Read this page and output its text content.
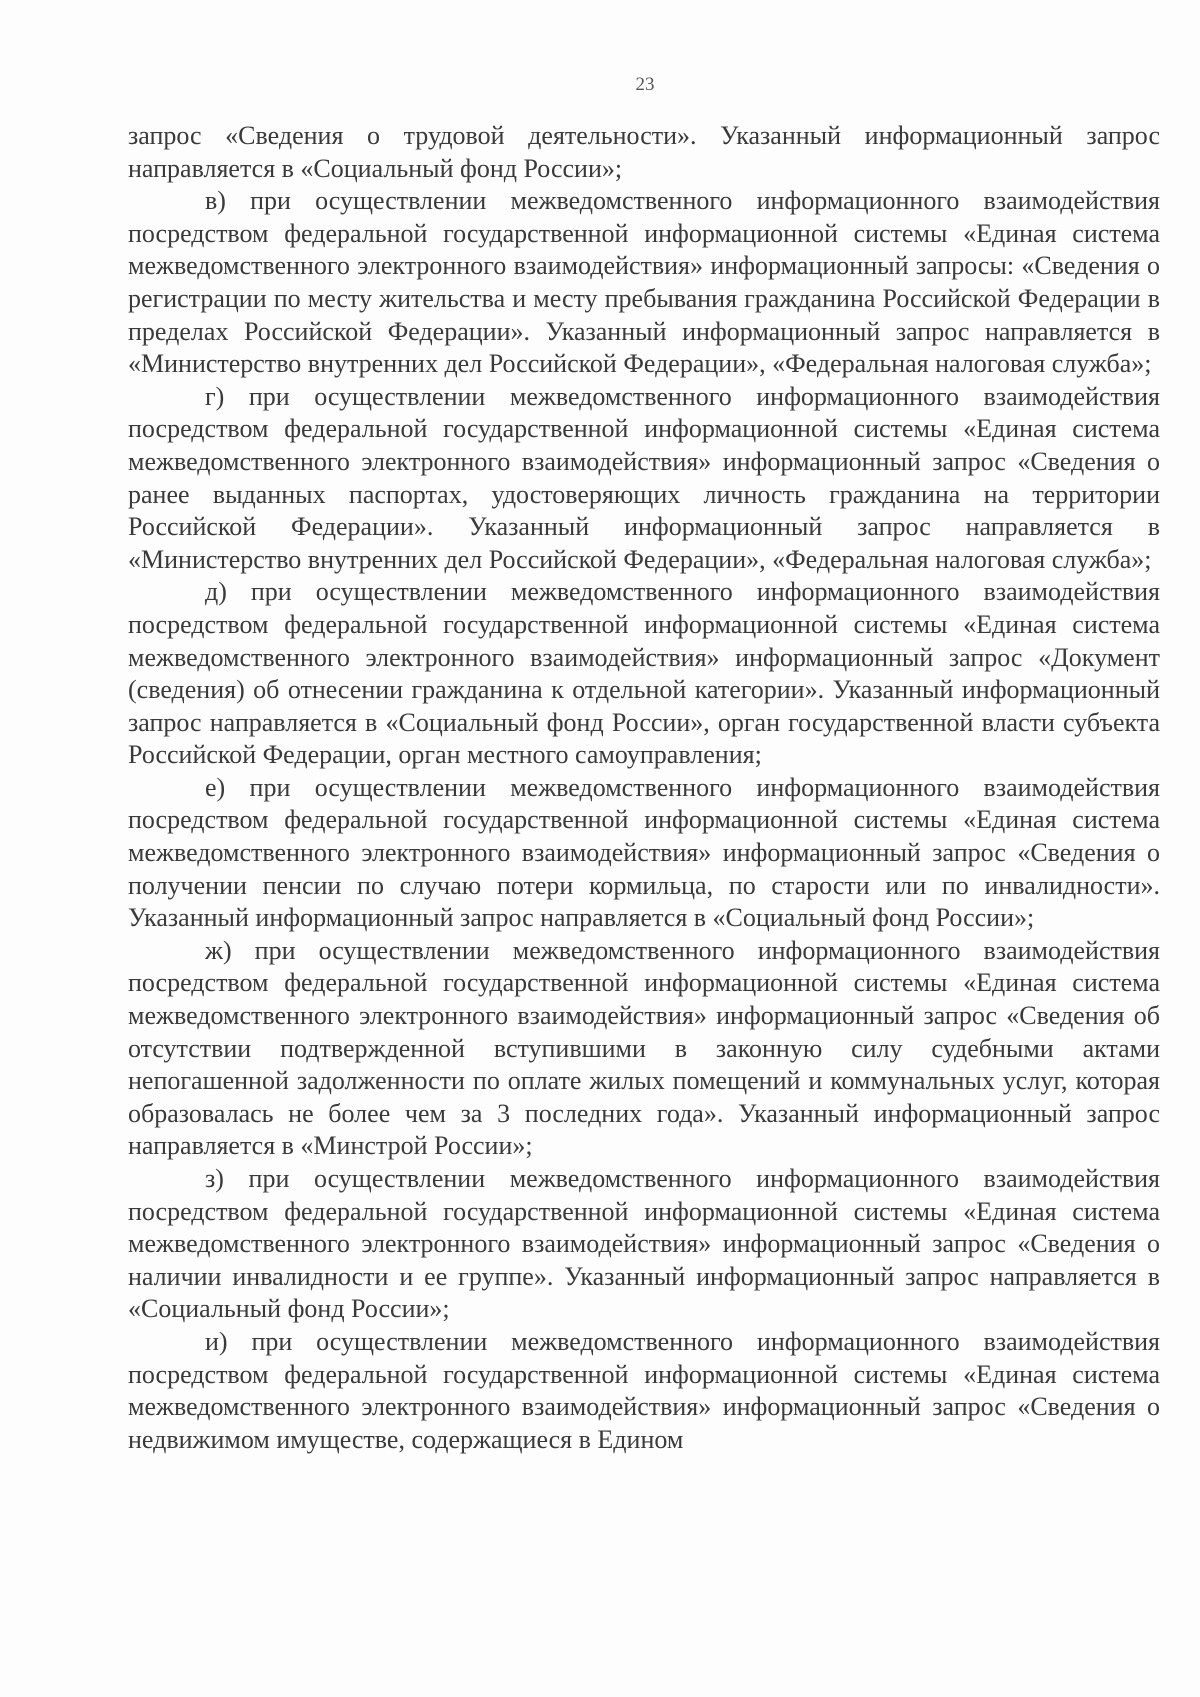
23

запрос «Сведения о трудовой деятельности». Указанный информационный запрос направляется в «Социальный фонд России»;

в) при осуществлении межведомственного информационного взаимодействия посредством федеральной государственной информационной системы «Единая система межведомственного электронного взаимодействия» информационный запросы: «Сведения о регистрации по месту жительства и месту пребывания гражданина Российской Федерации в пределах Российской Федерации». Указанный информационный запрос направляется в «Министерство внутренних дел Российской Федерации», «Федеральная налоговая служба»;

г) при осуществлении межведомственного информационного взаимодействия посредством федеральной государственной информационной системы «Единая система межведомственного электронного взаимодействия» информационный запрос «Сведения о ранее выданных паспортах, удостоверяющих личность гражданина на территории Российской Федерации». Указанный информационный запрос направляется в «Министерство внутренних дел Российской Федерации», «Федеральная налоговая служба»;

д) при осуществлении межведомственного информационного взаимодействия посредством федеральной государственной информационной системы «Единая система межведомственного электронного взаимодействия» информационный запрос «Документ (сведения) об отнесении гражданина к отдельной категории». Указанный информационный запрос направляется в «Социальный фонд России», орган государственной власти субъекта Российской Федерации, орган местного самоуправления;

е) при осуществлении межведомственного информационного взаимодействия посредством федеральной государственной информационной системы «Единая система межведомственного электронного взаимодействия» информационный запрос «Сведения о получении пенсии по случаю потери кормильца, по старости или по инвалидности». Указанный информационный запрос направляется в «Социальный фонд России»;

ж) при осуществлении межведомственного информационного взаимодействия посредством федеральной государственной информационной системы «Единая система межведомственного электронного взаимодействия» информационный запрос «Сведения об отсутствии подтвержденной вступившими в законную силу судебными актами непогашенной задолженности по оплате жилых помещений и коммунальных услуг, которая образовалась не более чем за 3 последних года». Указанный информационный запрос направляется в «Минстрой России»;

з) при осуществлении межведомственного информационного взаимодействия посредством федеральной государственной информационной системы «Единая система межведомственного электронного взаимодействия» информационный запрос «Сведения о наличии инвалидности и ее группе». Указанный информационный запрос направляется в «Социальный фонд России»;

и) при осуществлении межведомственного информационного взаимодействия посредством федеральной государственной информационной системы «Единая система межведомственного электронного взаимодействия» информационный запрос «Сведения о недвижимом имуществе, содержащиеся в Едином
